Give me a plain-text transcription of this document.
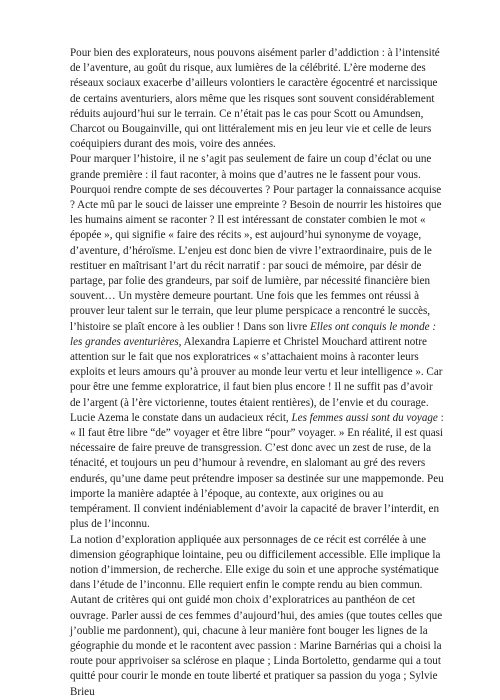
Pour bien des explorateurs, nous pouvons aisément parler d’addiction : à l’intensité de l’aventure, au goût du risque, aux lumières de la célébrité. L’ère moderne des réseaux sociaux exacerbe d’ailleurs volontiers le caractère égocentré et narcissique de certains aventuriers, alors même que les risques sont souvent considérablement réduits aujourd’hui sur le terrain. Ce n’était pas le cas pour Scott ou Amundsen, Charcot ou Bougainville, qui ont littéralement mis en jeu leur vie et celle de leurs coéquipiers durant des mois, voire des années.

Pour marquer l’histoire, il ne s’agit pas seulement de faire un coup d’éclat ou une grande première : il faut raconter, à moins que d’autres ne le fassent pour vous. Pourquoi rendre compte de ses découvertes ? Pour partager la connaissance acquise ? Acte mû par le souci de laisser une empreinte ? Besoin de nourrir les histoires que les humains aiment se raconter ? Il est intéressant de constater combien le mot « épopée », qui signifie « faire des récits », est aujourd’hui synonyme de voyage, d’aventure, d’héroïsme. L’enjeu est donc bien de vivre l’extraordinaire, puis de le restituer en maîtrisant l’art du récit narratif : par souci de mémoire, par désir de partage, par folie des grandeurs, par soif de lumière, par nécessité financière bien souvent… Un mystère demeure pourtant. Une fois que les femmes ont réussi à prouver leur talent sur le terrain, que leur plume perspicace a rencontré le succès, l’histoire se plaît encore à les oublier ! Dans son livre Elles ont conquis le monde : les grandes aventurières, Alexandra Lapierre et Christel Mouchard attirent notre attention sur le fait que nos exploratrices « s’attachaient moins à raconter leurs exploits et leurs amours qu’à prouver au monde leur vertu et leur intelligence ». Car pour être une femme exploratrice, il faut bien plus encore ! Il ne suffit pas d’avoir de l’argent (à l’ère victorienne, toutes étaient rentières), de l’envie et du courage. Lucie Azema le constate dans un audacieux récit, Les femmes aussi sont du voyage : « Il faut être libre “de” voyager et être libre “pour” voyager. » En réalité, il est quasi nécessaire de faire preuve de transgression. C’est donc avec un zest de ruse, de la ténacité, et toujours un peu d’humour à revendre, en slalomant au gré des revers endurés, qu’une dame peut prétendre imposer sa destinée sur une mappemonde. Peu importe la manière adaptée à l’époque, au contexte, aux origines ou au tempérament. Il convient indéniablement d’avoir la capacité de braver l’interdit, en plus de l’inconnu.

La notion d’exploration appliquée aux personnages de ce récit est corrélée à une dimension géographique lointaine, peu ou difficilement accessible. Elle implique la notion d’immersion, de recherche. Elle exige du soin et une approche systématique dans l’étude de l’inconnu. Elle requiert enfin le compte rendu au bien commun. Autant de critères qui ont guidé mon choix d’exploratrices au panthéon de cet ouvrage. Parler aussi de ces femmes d’aujourd’hui, des amies (que toutes celles que j’oublie me pardonnent), qui, chacune à leur manière font bouger les lignes de la géographie du monde et le racontent avec passion : Marine Barnérias qui a choisi la route pour apprivoiser sa sclérose en plaque ; Linda Bortoletto, gendarme qui a tout quitté pour courir le monde en toute liberté et pratiquer sa passion du yoga ; Sylvie Brieu
